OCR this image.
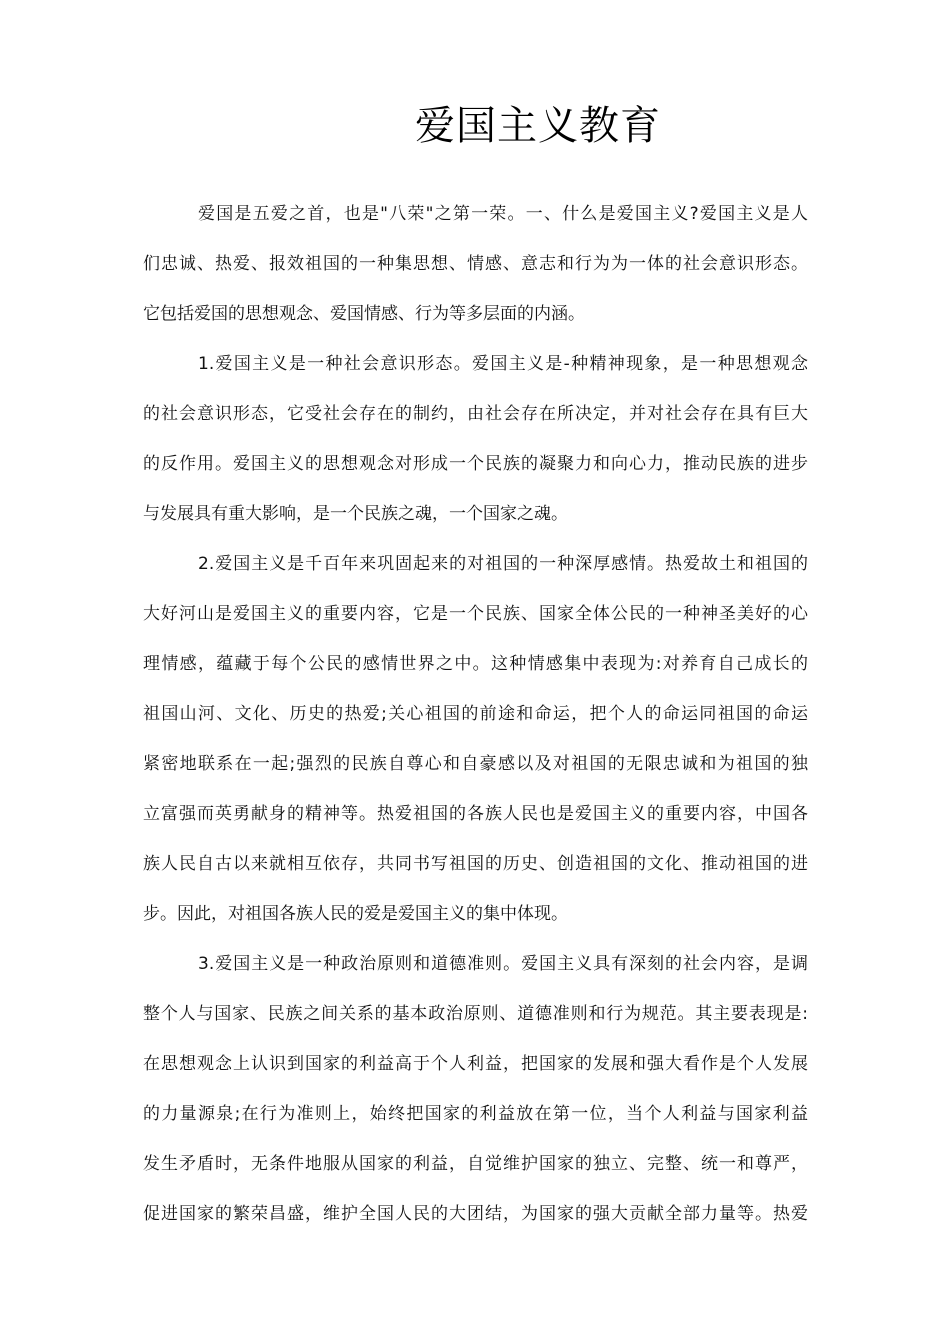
爱国主义教育
爱国是五爱之首，也是"八荣"之第一荣。一、什么是爱国主义?爱国主义是人
们忠诚、热爱、报效祖国的一种集思想、情感、意志和行为为一体的社会意识形态。
它包括爱国的思想观念、爱国情感、行为等多层面的内涵。
1.爱国主义是一种社会意识形态。爱国主义是-种精神现象，是一种思想观念
的社会意识形态，它受社会存在的制约，由社会存在所决定，并对社会存在具有巨大
的反作用。爱国主义的思想观念对形成一个民族的凝聚力和向心力，推动民族的进步
与发展具有重大影响，是一个民族之魂，一个国家之魂。
2.爱国主义是千百年来巩固起来的对祖国的一种深厚感情。热爱故土和祖国的
大好河山是爱国主义的重要内容，它是一个民族、国家全体公民的一种神圣美好的心
理情感，蕴藏于每个公民的感情世界之中。这种情感集中表现为:对养育自己成长的
祖国山河、文化、历史的热爱;关心祖国的前途和命运，把个人的命运同祖国的命运
紧密地联系在一起;强烈的民族自尊心和自豪感以及对祖国的无限忠诚和为祖国的独
立富强而英勇献身的精神等。热爱祖国的各族人民也是爱国主义的重要内容，中国各
族人民自古以来就相互依存，共同书写祖国的历史、创造祖国的文化、推动祖国的进
步。因此，对祖国各族人民的爱是爱国主义的集中体现。
3.爱国主义是一种政治原则和道德准则。爱国主义具有深刻的社会内容，是调
整个人与国家、民族之间关系的基本政治原则、道德准则和行为规范。其主要表现是:
在思想观念上认识到国家的利益高于个人利益，把国家的发展和强大看作是个人发展
的力量源泉;在行为准则上，始终把国家的利益放在第一位，当个人利益与国家利益
发生矛盾时，无条件地服从国家的利益，自觉维护国家的独立、完整、统一和尊严，
促进国家的繁荣昌盛，维护全国人民的大团结，为国家的强大贡献全部力量等。热爱
